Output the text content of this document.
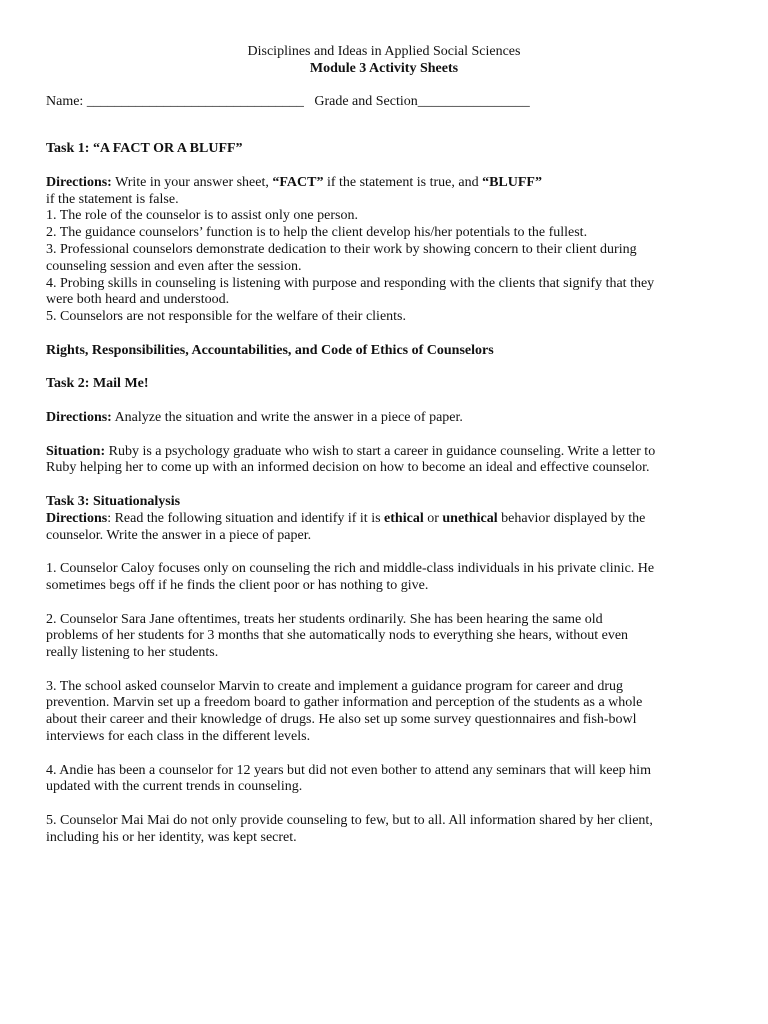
Disciplines and Ideas in Applied Social Sciences
Module 3 Activity Sheets
Name: _______________________________ Grade and Section________________
Task 1: “A FACT OR A BLUFF”
Directions: Write in your answer sheet, “FACT” if the statement is true, and “BLUFF”
if the statement is false.
1. The role of the counselor is to assist only one person.
2. The guidance counselors’ function is to help the client develop his/her potentials to the fullest.
3. Professional counselors demonstrate dedication to their work by showing concern to their client during
counseling session and even after the session.
4. Probing skills in counseling is listening with purpose and responding with the clients that signify that they
were both heard and understood.
5. Counselors are not responsible for the welfare of their clients.
Rights, Responsibilities, Accountabilities, and Code of Ethics of Counselors
Task 2: Mail Me!
Directions: Analyze the situation and write the answer in a piece of paper.
Situation: Ruby is a psychology graduate who wish to start a career in guidance counseling. Write a letter to
Ruby helping her to come up with an informed decision on how to become an ideal and effective counselor.
Task 3: Situationalysis
Directions: Read the following situation and identify if it is ethical or unethical behavior displayed by the
counselor. Write the answer in a piece of paper.
1. Counselor Caloy focuses only on counseling the rich and middle-class individuals in his private clinic. He
sometimes begs off if he finds the client poor or has nothing to give.
2. Counselor Sara Jane oftentimes, treats her students ordinarily. She has been hearing the same old
problems of her students for 3 months that she automatically nods to everything she hears, without even
really listening to her students.
3. The school asked counselor Marvin to create and implement a guidance program for career and drug
prevention. Marvin set up a freedom board to gather information and perception of the students as a whole
about their career and their knowledge of drugs. He also set up some survey questionnaires and fish-bowl
interviews for each class in the different levels.
4. Andie has been a counselor for 12 years but did not even bother to attend any seminars that will keep him
updated with the current trends in counseling.
5. Counselor Mai Mai do not only provide counseling to few, but to all. All information shared by her client,
including his or her identity, was kept secret.
